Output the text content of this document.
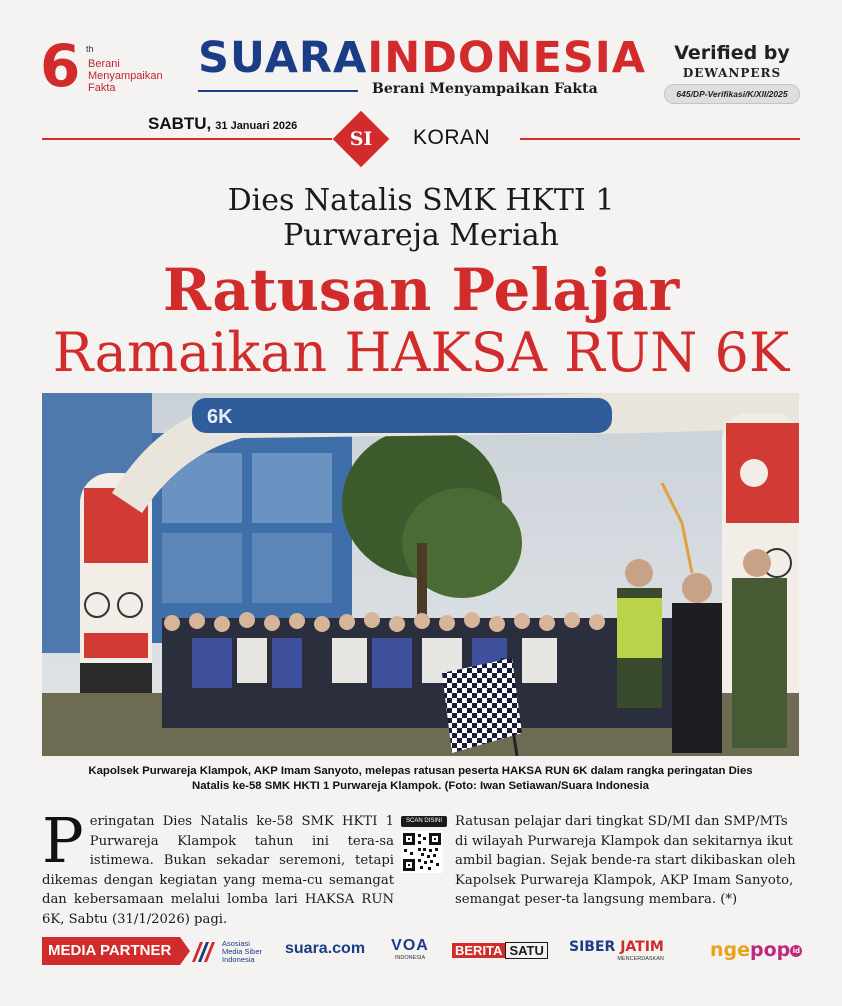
6 th
Berani
Menyampaikan
Fakta
SUARAINDONESIA
Berani Menyampaikan Fakta
Verified by
DEWANPERS
645/DP-Verifikasi/K/XII/2025
SABTU, 31 Januari 2026
SI	KORAN
Dies Natalis SMK HKTI 1
Purwareja Meriah
Ratusan Pelajar
Ramaikan HAKSA RUN 6K
6K
Kapolsek Purwareja Klampok, AKP Imam Sanyoto, melepas ratusan peserta HAKSA RUN 6K dalam rangka peringatan Dies
Natalis ke-58 SMK HKTI 1 Purwareja Klampok. (Foto: Iwan Setiawan/Suara Indonesia
P eringatan Dies Natalis ke-58 SMK HKTI 1 Purwareja Klampok tahun ini tera-sa istimewa. Bukan sekadar seremoni, tetapi dikemas dengan kegiatan yang mema-cu semangat dan kebersamaan melalui lomba lari HAKSA RUN 6K, Sabtu (31/1/2026) pagi.
SCAN DISINI Ratusan pelajar dari tingkat SD/MI dan SMP/MTs di wilayah Purwareja Klampok dan sekitarnya ikut ambil bagian. Sejak bende-ra start dikibaskan oleh Kapolsek Purwareja Klampok, AKP Imam Sanyoto, semangat peser-ta langsung membara. (*)
MEDIA PARTNER	Asosiasi
Media Siber
Indonesia
suara.com VOA
INDONESIA	BERITA SATU SIBER JATIM
MENCERDASKAN ngepop id
